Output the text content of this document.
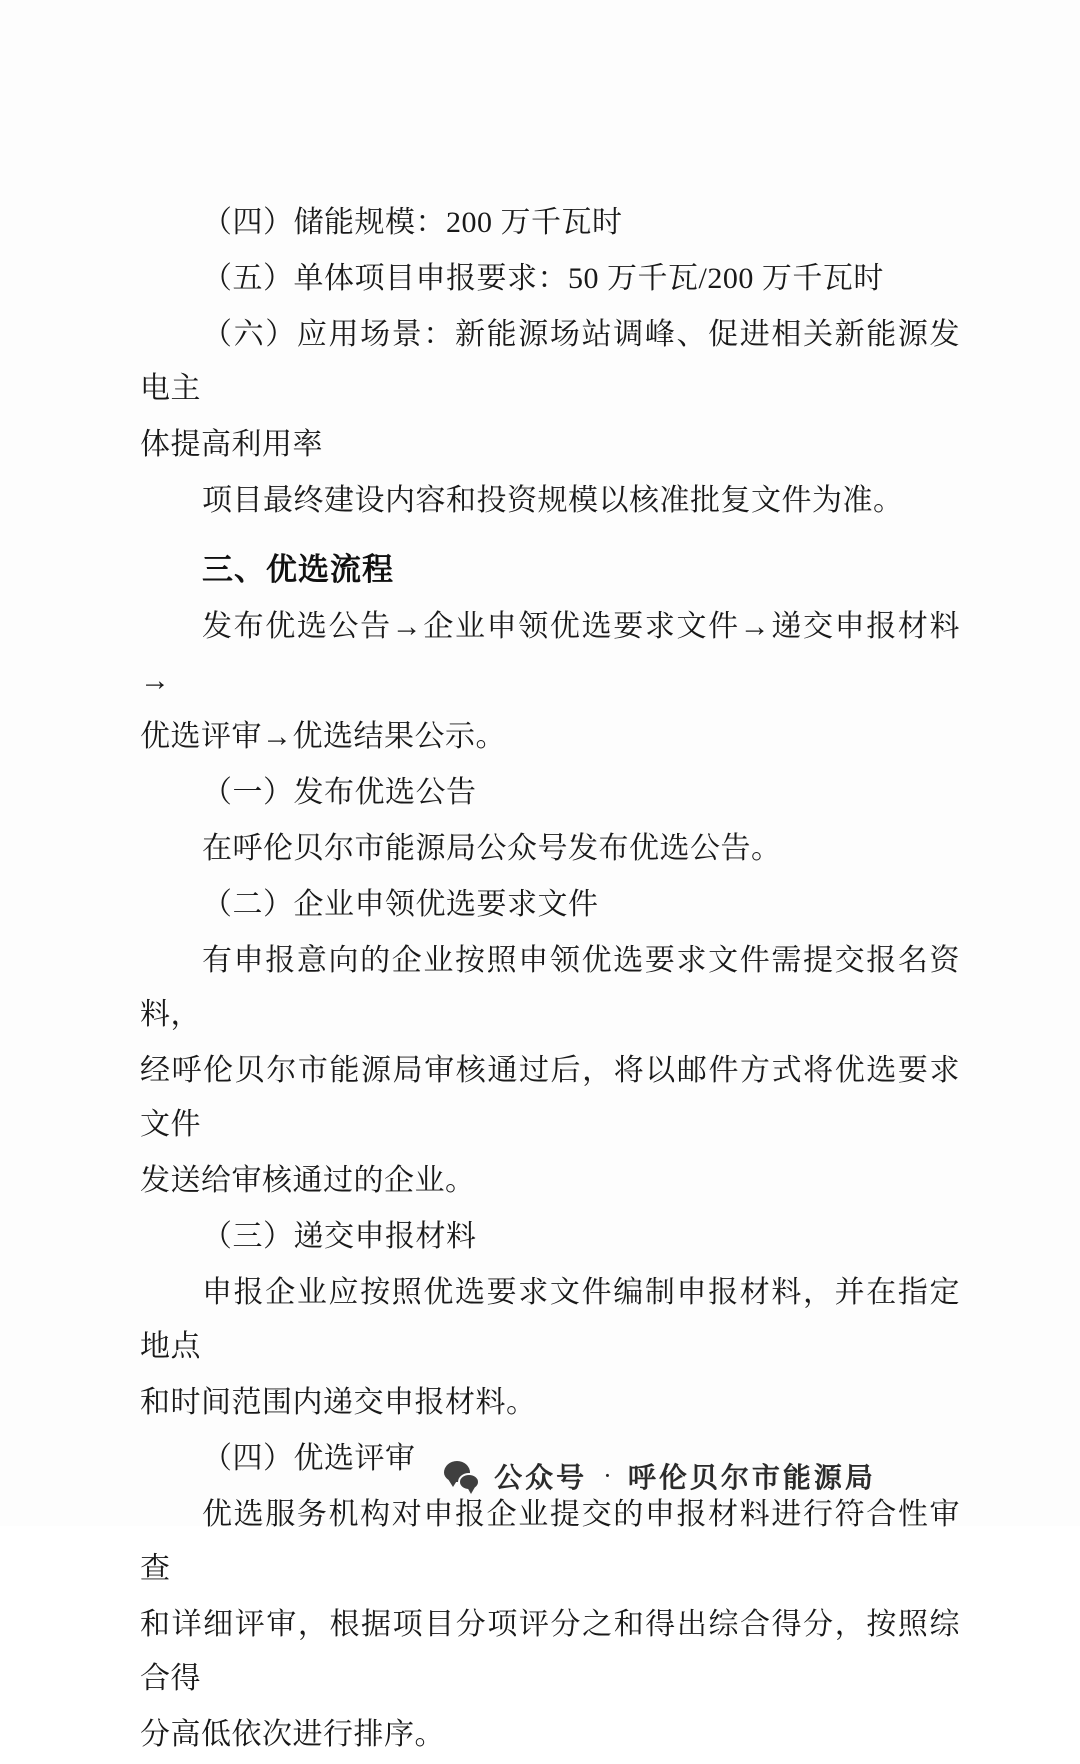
（四）储能规模：200 万千瓦时

（五）单体项目申报要求：50 万千瓦/200 万千瓦时

（六）应用场景：新能源场站调峰、促进相关新能源发电主

体提高利用率

项目最终建设内容和投资规模以核准批复文件为准。

三、优选流程

发布优选公告→企业申领优选要求文件→递交申报材料→

优选评审→优选结果公示。

（一）发布优选公告

在呼伦贝尔市能源局公众号发布优选公告。

（二）企业申领优选要求文件

有申报意向的企业按照申领优选要求文件需提交报名资料，

经呼伦贝尔市能源局审核通过后，将以邮件方式将优选要求文件

发送给审核通过的企业。

（三）递交申报材料

申报企业应按照优选要求文件编制申报材料，并在指定地点

和时间范围内递交申报材料。

（四）优选评审

优选服务机构对申报企业提交的申报材料进行符合性审查

和详细评审，根据项目分项评分之和得出综合得分，按照综合得

分高低依次进行排序。

公众号 · 呼伦贝尔市能源局
